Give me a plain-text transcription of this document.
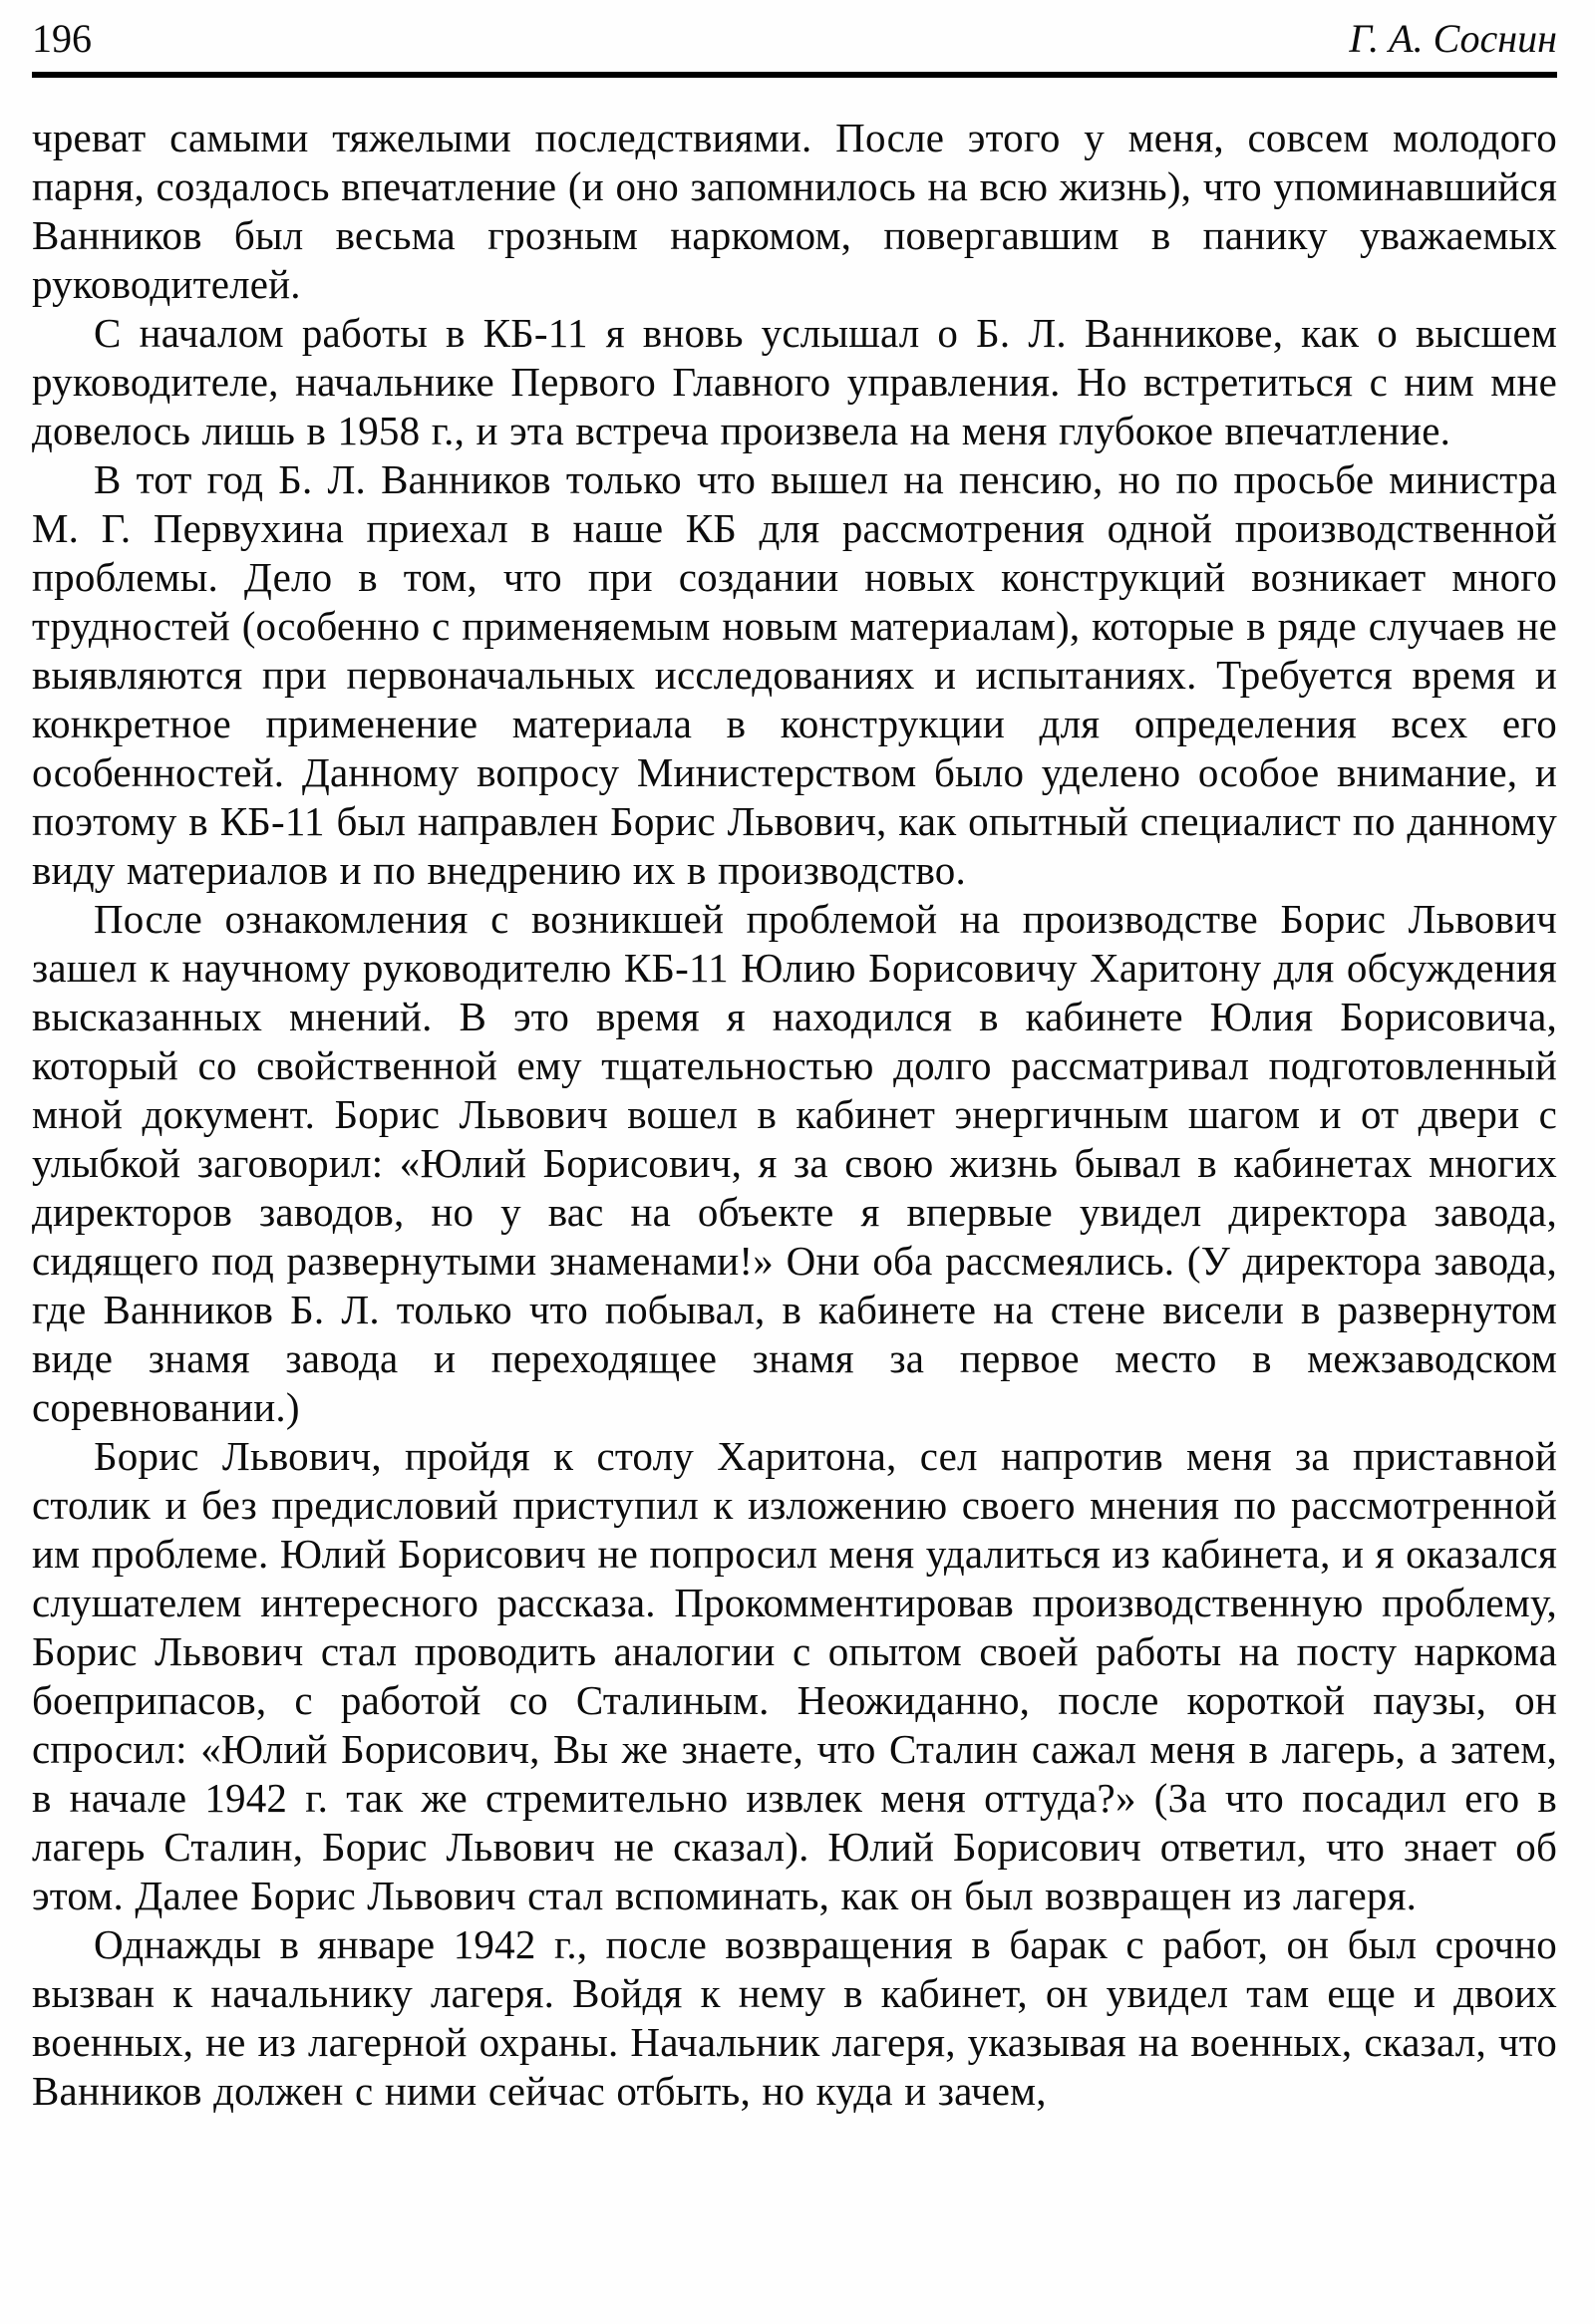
196	Г. А. Соснин

чреват самыми тяжелыми последствиями. После этого у меня, совсем молодого парня, создалось впечатление (и оно запомнилось на всю жизнь), что упоминавшийся Ванников был весьма грозным наркомом, повергавшим в панику уважаемых руководителей.

С началом работы в КБ-11 я вновь услышал о Б. Л. Ванникове, как о высшем руководителе, начальнике Первого Главного управления. Но встретиться с ним мне довелось лишь в 1958 г., и эта встреча произвела на меня глубокое впечатление.

В тот год Б. Л. Ванников только что вышел на пенсию, но по просьбе министра М. Г. Первухина приехал в наше КБ для рассмотрения одной производственной проблемы. Дело в том, что при создании новых конструкций возникает много трудностей (особенно с применяемым новым материалам), которые в ряде случаев не выявляются при первоначальных исследованиях и испытаниях. Требуется время и конкретное применение материала в конструкции для определения всех его особенностей. Данному вопросу Министерством было уделено особое внимание, и поэтому в КБ-11 был направлен Борис Львович, как опытный специалист по данному виду материалов и по внедрению их в производство.

После ознакомления с возникшей проблемой на производстве Борис Львович зашел к научному руководителю КБ-11 Юлию Борисовичу Харитону для обсуждения высказанных мнений. В это время я находился в кабинете Юлия Борисовича, который со свойственной ему тщательностью долго рассматривал подготовленный мной документ. Борис Львович вошел в кабинет энергичным шагом и от двери с улыбкой заговорил: «Юлий Борисович, я за свою жизнь бывал в кабинетах многих директоров заводов, но у вас на объекте я впервые увидел директора завода, сидящего под развернутыми знаменами!» Они оба рассмеялись. (У директора завода, где Ванников Б. Л. только что побывал, в кабинете на стене висели в развернутом виде знамя завода и переходящее знамя за первое место в межзаводском соревновании.)

Борис Львович, пройдя к столу Харитона, сел напротив меня за приставной столик и без предисловий приступил к изложению своего мнения по рассмотренной им проблеме. Юлий Борисович не попросил меня удалиться из кабинета, и я оказался слушателем интересного рассказа. Прокомментировав производственную проблему, Борис Львович стал проводить аналогии с опытом своей работы на посту наркома боеприпасов, с работой со Сталиным. Неожиданно, после короткой паузы, он спросил: «Юлий Борисович, Вы же знаете, что Сталин сажал меня в лагерь, а затем, в начале 1942 г. так же стремительно извлек меня оттуда?» (За что посадил его в лагерь Сталин, Борис Львович не сказал). Юлий Борисович ответил, что знает об этом. Далее Борис Львович стал вспоминать, как он был возвращен из лагеря.

Однажды в январе 1942 г., после возвращения в барак с работ, он был срочно вызван к начальнику лагеря. Войдя к нему в кабинет, он увидел там еще и двоих военных, не из лагерной охраны. Начальник лагеря, указывая на военных, сказал, что Ванников должен с ними сейчас отбыть, но куда и зачем,
